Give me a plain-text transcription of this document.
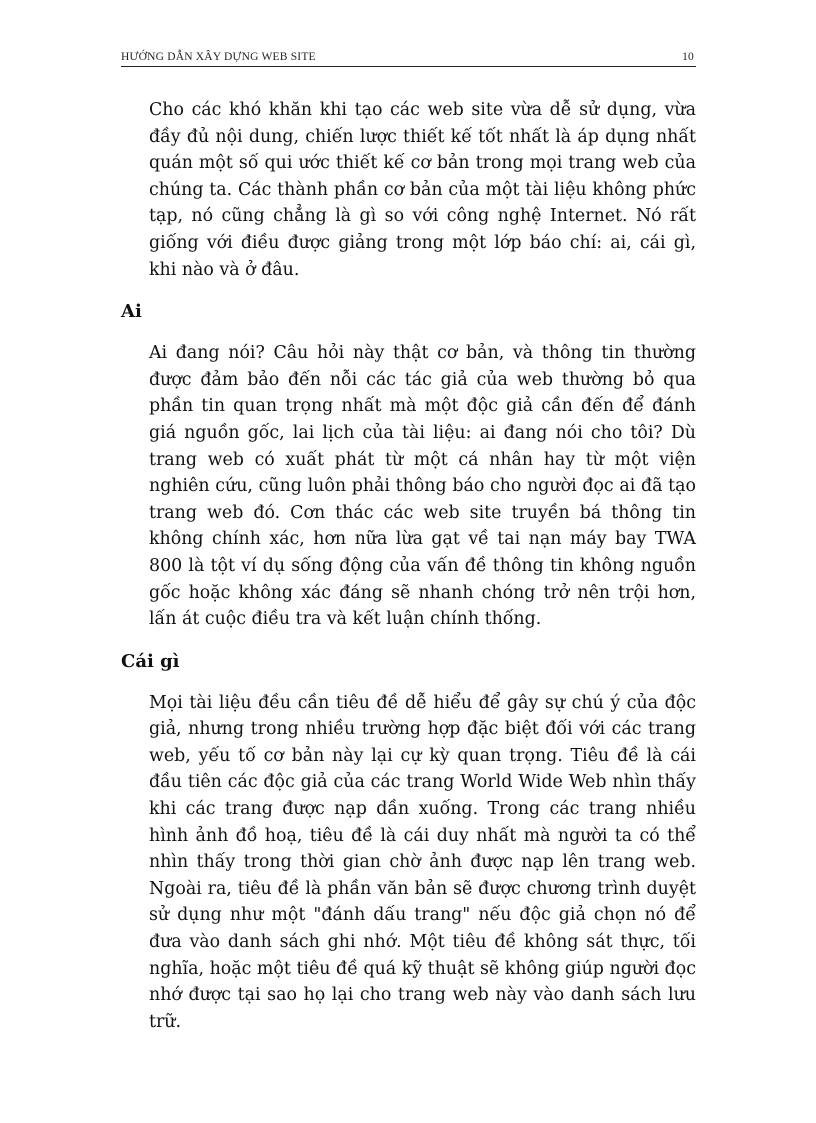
HƯỚNG DẪN XÂY DỰNG WEB SITE	10

Cho các khó khăn khi tạo các web site vừa dễ sử dụng, vừa đầy đủ nội dung, chiến lược thiết kế tốt nhất là áp dụng nhất quán một số qui ước thiết kế cơ bản trong mọi trang web của chúng ta. Các thành phần cơ bản của một tài liệu không phức tạp, nó cũng chẳng là gì so với công nghệ Internet. Nó rất giống với điều được giảng trong một lớp báo chí: ai, cái gì, khi nào và ở đâu.

Ai

Ai đang nói? Câu hỏi này thật cơ bản, và thông tin thường được đảm bảo đến nỗi các tác giả của web thường bỏ qua phần tin quan trọng nhất mà một độc giả cần đến để đánh giá nguồn gốc, lai lịch của tài liệu: ai đang nói cho tôi? Dù trang web có xuất phát từ một cá nhân hay từ một viện nghiên cứu, cũng luôn phải thông báo cho người đọc ai đã tạo trang web đó. Cơn thác các web site truyền bá thông tin không chính xác, hơn nữa lừa gạt về tai nạn máy bay TWA 800 là tột ví dụ sống động của vấn đề thông tin không nguồn gốc hoặc không xác đáng sẽ nhanh chóng trở nên trội hơn, lấn át cuộc điều tra và kết luận chính thống.

Cái gì

Mọi tài liệu đều cần tiêu đề dễ hiểu để gây sự chú ý của độc giả, nhưng trong nhiều trường hợp đặc biệt đối với các trang web, yếu tố cơ bản này lại cự kỳ quan trọng. Tiêu đề là cái đầu tiên các độc giả của các trang World Wide Web nhìn thấy khi các trang được nạp dần xuống. Trong các trang nhiều hình ảnh đồ hoạ, tiêu đề là cái duy nhất mà người ta có thể nhìn thấy trong thời gian chờ ảnh được nạp lên trang web. Ngoài ra, tiêu đề là phần văn bản sẽ được chương trình duyệt sử dụng như một "đánh dấu trang" nếu độc giả chọn nó để đưa vào danh sách ghi nhớ. Một tiêu đề không sát thực, tối nghĩa, hoặc một tiêu đề quá kỹ thuật sẽ không giúp người đọc nhớ được tại sao họ lại cho trang web này vào danh sách lưu trữ.
